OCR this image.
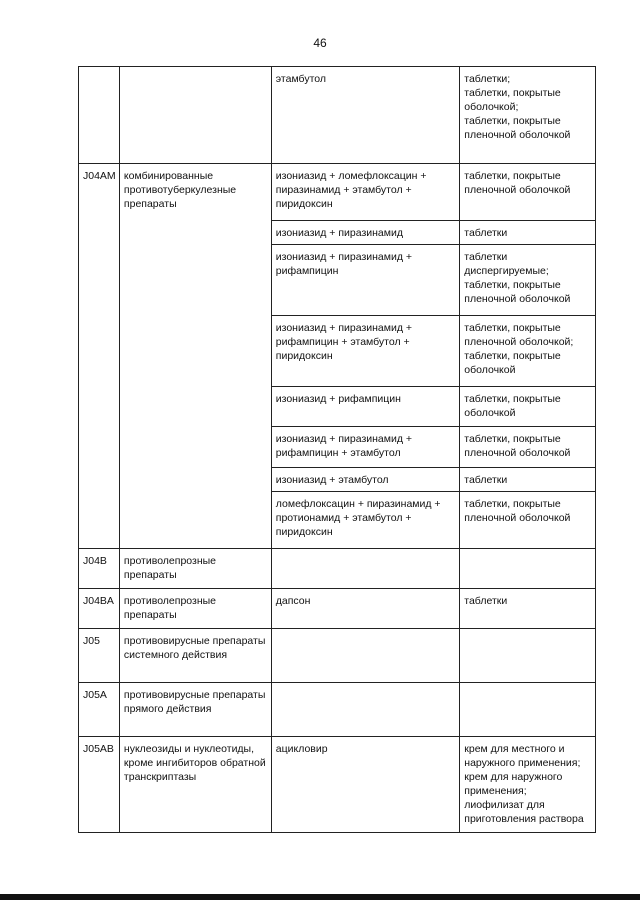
46
		этамбутол	таблетки;
таблетки, покрытые оболочкой;
таблетки, покрытые пленочной оболочкой
J04AM	комбинированные противотуберкулезные препараты	изониазид + ломефлоксацин + пиразинамид + этамбутол + пиридоксин	таблетки, покрытые пленочной оболочкой
		изониазид + пиразинамид	таблетки
		изониазид + пиразинамид + рифампицин	таблетки диспергируемые;
таблетки, покрытые пленочной оболочкой
		изониазид + пиразинамид + рифампицин + этамбутол + пиридоксин	таблетки, покрытые пленочной оболочкой;
таблетки, покрытые оболочкой
		изониазид + рифампицин	таблетки, покрытые оболочкой
		изониазид + пиразинамид + рифампицин + этамбутол	таблетки, покрытые пленочной оболочкой
		изониазид + этамбутол	таблетки
		ломефлоксацин + пиразинамид + протионамид + этамбутол + пиридоксин	таблетки, покрытые пленочной оболочкой
J04B	противолепрозные препараты		
J04BA	противолепрозные препараты	дапсон	таблетки
J05	противовирусные препараты системного действия		
J05A	противовирусные препараты прямого действия		
J05AB	нуклеозиды и нуклеотиды, кроме ингибиторов обратной транскриптазы	ацикловир	крем для местного и наружного применения;
крем для наружного применения;
лиофилизат для приготовления раствора
